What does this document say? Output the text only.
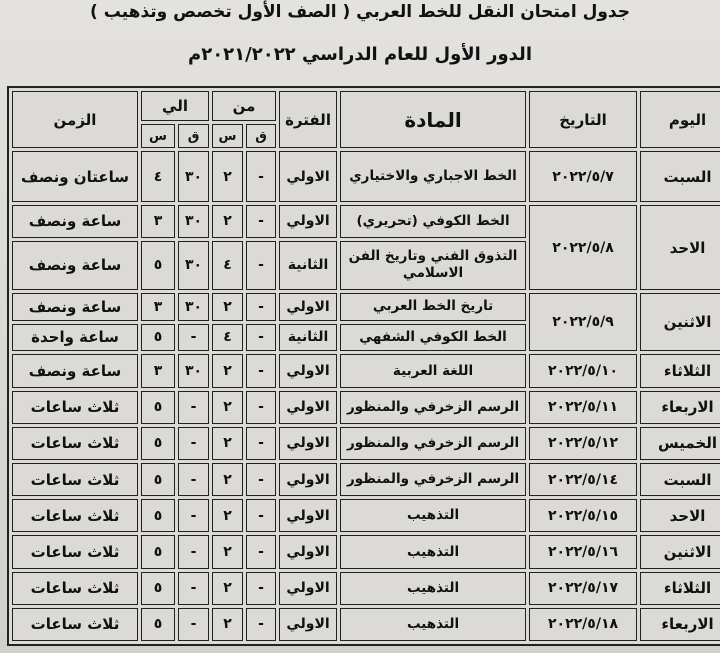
جدول امتحان النقل للخط العربي ( الصف الأول تخصص وتذهيب )
الدور الأول للعام الدراسي ٢٠٢١/٢٠٢٢م
اليوم	التاريخ	المادة	الفترة	من		الي		الزمن
				ق	س	ق	س	
السبت	٢٠٢٢/٥/٧	الخط الاجباري والاختياري	الاولي	-	٢	٣٠	٤	ساعتان ونصف
الاحد	٢٠٢٢/٥/٨	الخط الكوفي (تحريري)	الاولي	-	٢	٣٠	٣	ساعة ونصف
		التذوق الفني وتاريخ الفن الاسلامي	الثانية	-	٤	٣٠	٥	ساعة ونصف
الاثنين	٢٠٢٢/٥/٩	تاريخ الخط العربي	الاولي	-	٢	٣٠	٣	ساعة ونصف
		الخط الكوفي الشفهي	الثانية	-	٤	-	٥	ساعة واحدة
الثلاثاء	٢٠٢٢/٥/١٠	اللغة العربية	الاولي	-	٢	٣٠	٣	ساعة ونصف
الاربعاء	٢٠٢٢/٥/١١	الرسم الزخرفي والمنظور	الاولي	-	٢	-	٥	ثلاث ساعات
الخميس	٢٠٢٢/٥/١٢	الرسم الزخرفي والمنظور	الاولي	-	٢	-	٥	ثلاث ساعات
السبت	٢٠٢٢/٥/١٤	الرسم الزخرفي والمنظور	الاولي	-	٢	-	٥	ثلاث ساعات
الاحد	٢٠٢٢/٥/١٥	التذهيب	الاولي	-	٢	-	٥	ثلاث ساعات
الاثنين	٢٠٢٢/٥/١٦	التذهيب	الاولي	-	٢	-	٥	ثلاث ساعات
الثلاثاء	٢٠٢٢/٥/١٧	التذهيب	الاولي	-	٢	-	٥	ثلاث ساعات
الاربعاء	٢٠٢٢/٥/١٨	التذهيب	الاولي	-	٢	-	٥	ثلاث ساعات
